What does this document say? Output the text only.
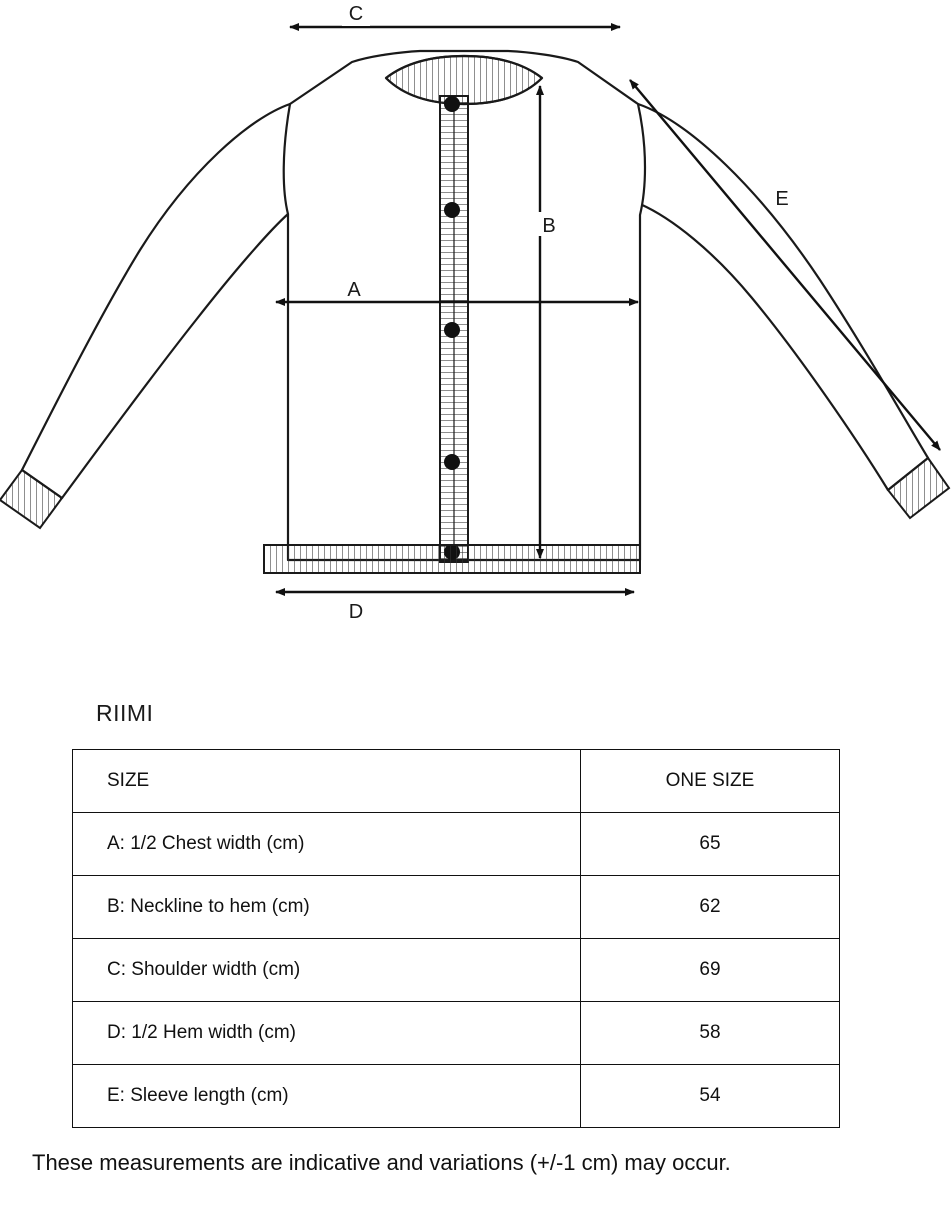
C
A
B
D
E
RIIMI
SIZE	ONE SIZE
A: 1/2 Chest width (cm)	65
B: Neckline to hem (cm)	62
C: Shoulder width (cm)	69
D: 1/2 Hem width (cm)	58
E: Sleeve length (cm)	54
These measurements are indicative and variations (+/-1 cm) may occur.
